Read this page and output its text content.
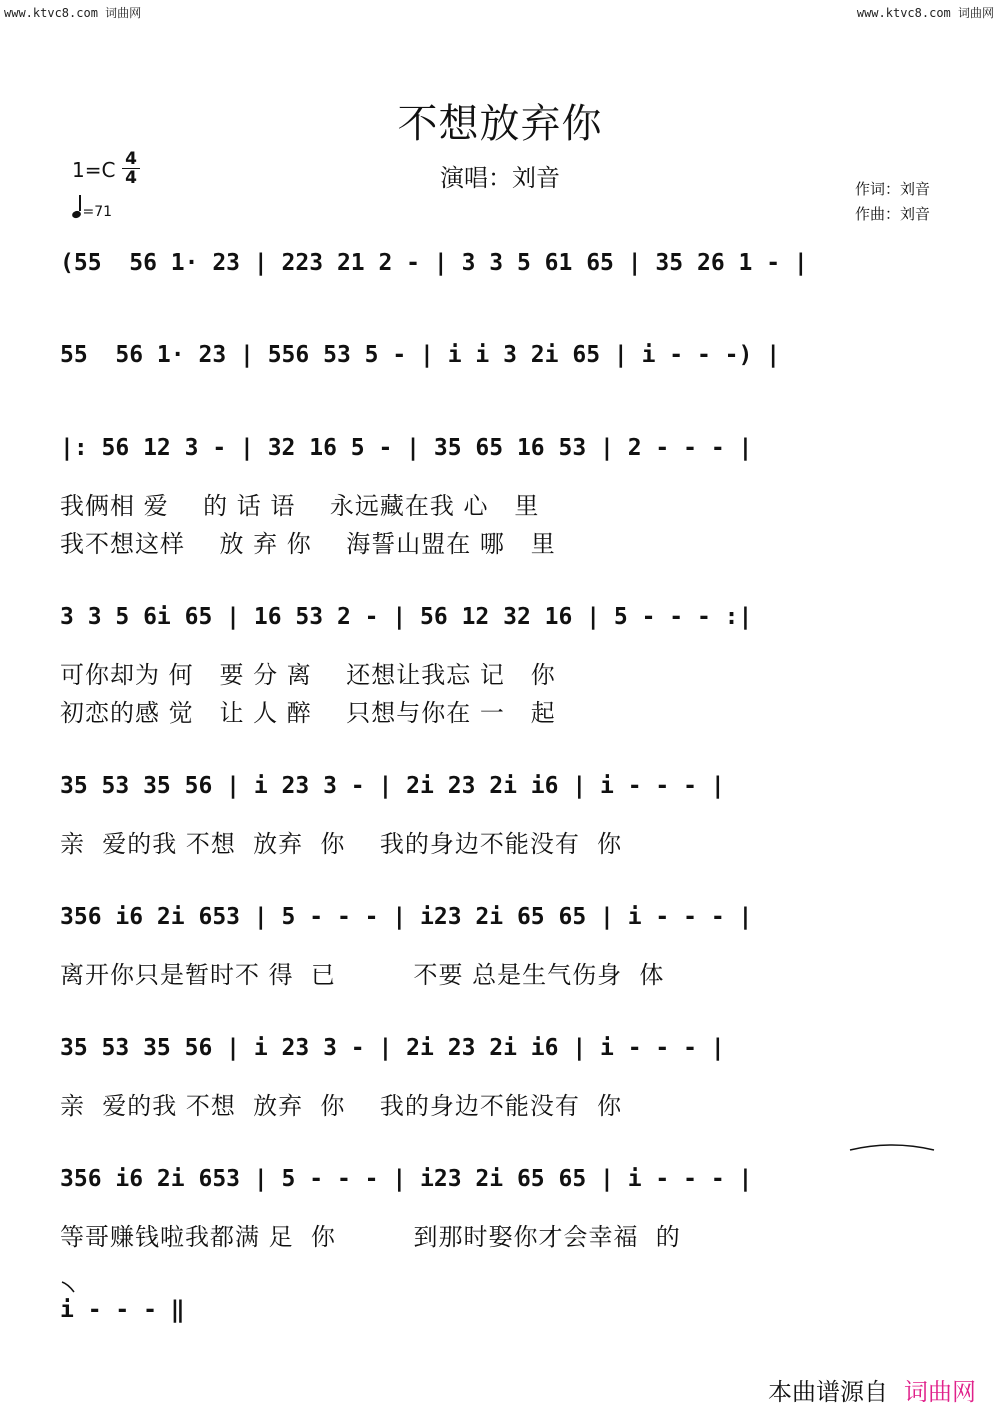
www.ktvc8.com 词曲网	www.ktvc8.com 词曲网
不想放弃你
演唱：刘音
1=C 4
4
=71
作词：刘音
作曲：刘音
(55  56 1· 23 | 223 21 2 - | 3 3 5 61 65 | 35 26 1 - |
55  56 1· 23 | 556 53 5 - | i i 3 2i 65 | i - - -) |
|: 56 12 3 - | 32 16 5 - | 35 65 16 53 | 2 - - - |
我俩相 爱    的 话 语    永远藏在我 心   里
我不想这样    放 弃 你    海誓山盟在 哪   里
3 3 5 6i 65 | 16 53 2 - | 56 12 32 16 | 5 - - - :|
可你却为 何   要 分 离    还想让我忘 记   你
初恋的感 觉   让 人 醉    只想与你在 一   起
35 53 35 56 | i 23 3 - | 2i 23 2i i6 | i - - - |
亲  爱的我 不想  放弃  你    我的身边不能没有  你
356 i6 2i 653 | 5 - - - | i23 2i 65 65 | i - - - |
离开你只是暂时不 得  已         不要 总是生气伤身  体
35 53 35 56 | i 23 3 - | 2i 23 2i i6 | i - - - |
亲  爱的我 不想  放弃  你    我的身边不能没有  你
356 i6 2i 653 | 5 - - - | i23 2i 65 65 | i - - - |
等哥赚钱啦我都满 足  你         到那时娶你才会幸福  的
i - - - ‖
本曲谱源自 词曲网
